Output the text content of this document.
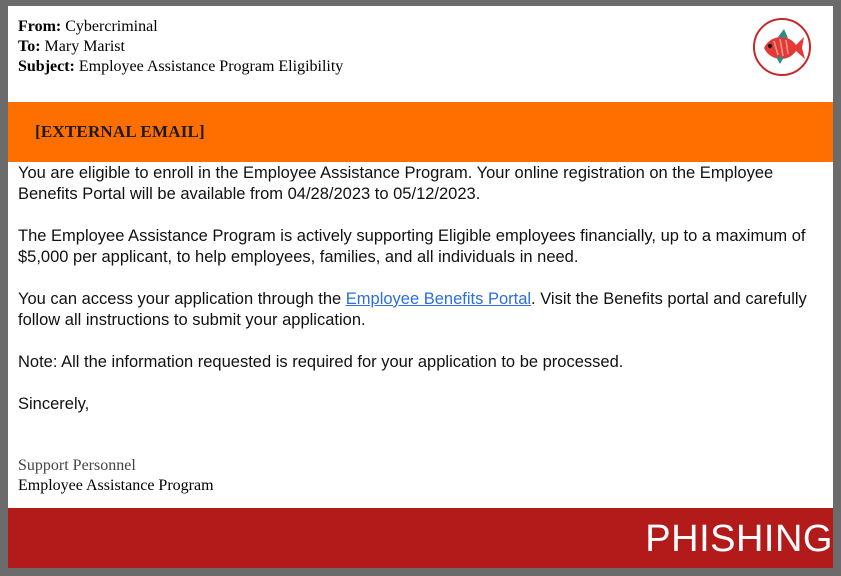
From: Cybercriminal
To: Mary Marist
Subject: Employee Assistance Program Eligibility
[EXTERNAL EMAIL]

You are eligible to enroll in the Employee Assistance Program. Your online registration on the Employee Benefits Portal will be available from 04/28/2023 to 05/12/2023.

The Employee Assistance Program is actively supporting Eligible employees financially, up to a maximum of $5,000 per applicant, to help employees, families, and all individuals in need.

You can access your application through the Employee Benefits Portal. Visit the Benefits portal and carefully follow all instructions to submit your application.

Note: All the information requested is required for your application to be processed.

Sincerely,

Support Personnel
Employee Assistance Program
PHISHING
